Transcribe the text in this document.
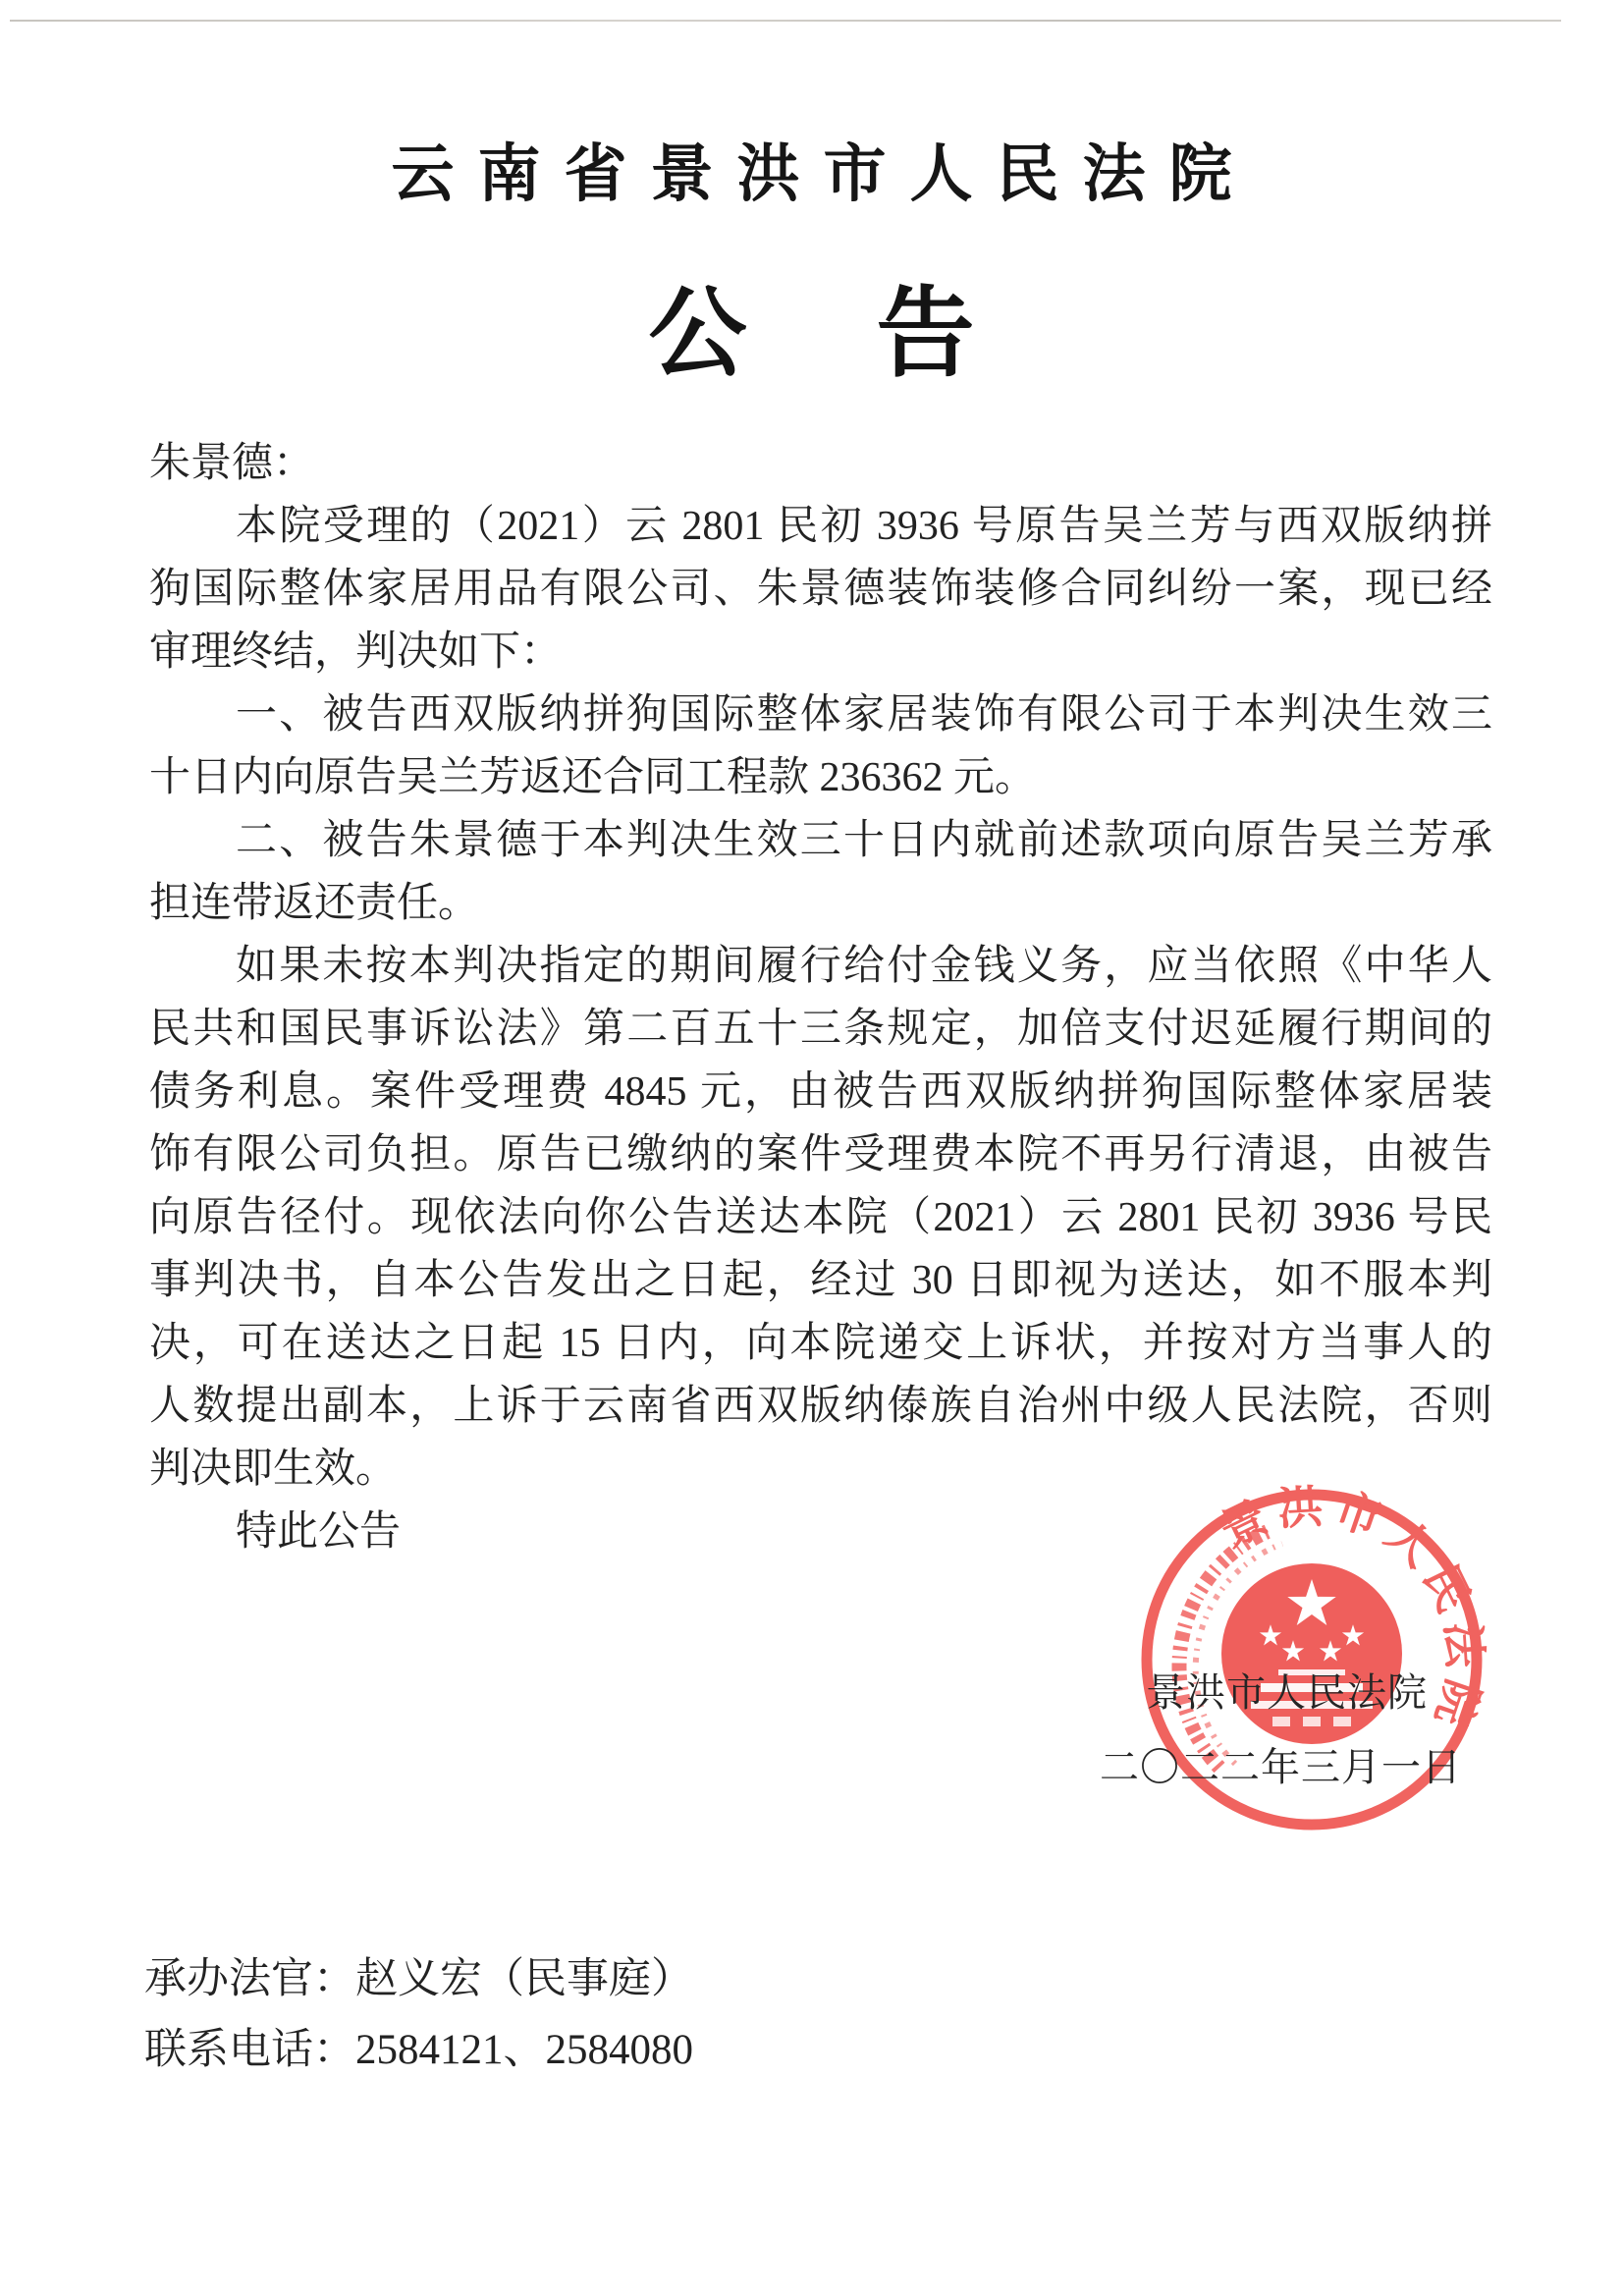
云南省景洪市人民法院
公　告
朱景德：
本院受理的（2021）云 2801 民初 3936 号原告吴兰芳与西双版纳拼
狗国际整体家居用品有限公司、朱景德装饰装修合同纠纷一案，现已经
审理终结，判决如下：
一、被告西双版纳拼狗国际整体家居装饰有限公司于本判决生效三
十日内向原告吴兰芳返还合同工程款 236362 元。
二、被告朱景德于本判决生效三十日内就前述款项向原告吴兰芳承
担连带返还责任。
如果未按本判决指定的期间履行给付金钱义务，应当依照《中华人
民共和国民事诉讼法》第二百五十三条规定，加倍支付迟延履行期间的
债务利息。案件受理费 4845 元，由被告西双版纳拼狗国际整体家居装
饰有限公司负担。原告已缴纳的案件受理费本院不再另行清退，由被告
向原告径付。现依法向你公告送达本院（2021）云 2801 民初 3936 号民
事判决书，自本公告发出之日起，经过 30 日即视为送达，如不服本判
决，可在送达之日起 15 日内，向本院递交上诉状，并按对方当事人的
人数提出副本，上诉于云南省西双版纳傣族自治州中级人民法院，否则
判决即生效。
特此公告	景洪市人民法院
景洪市人民法院
二〇二二年三月一日
承办法官：赵义宏（民事庭）
联系电话：2584121、2584080
